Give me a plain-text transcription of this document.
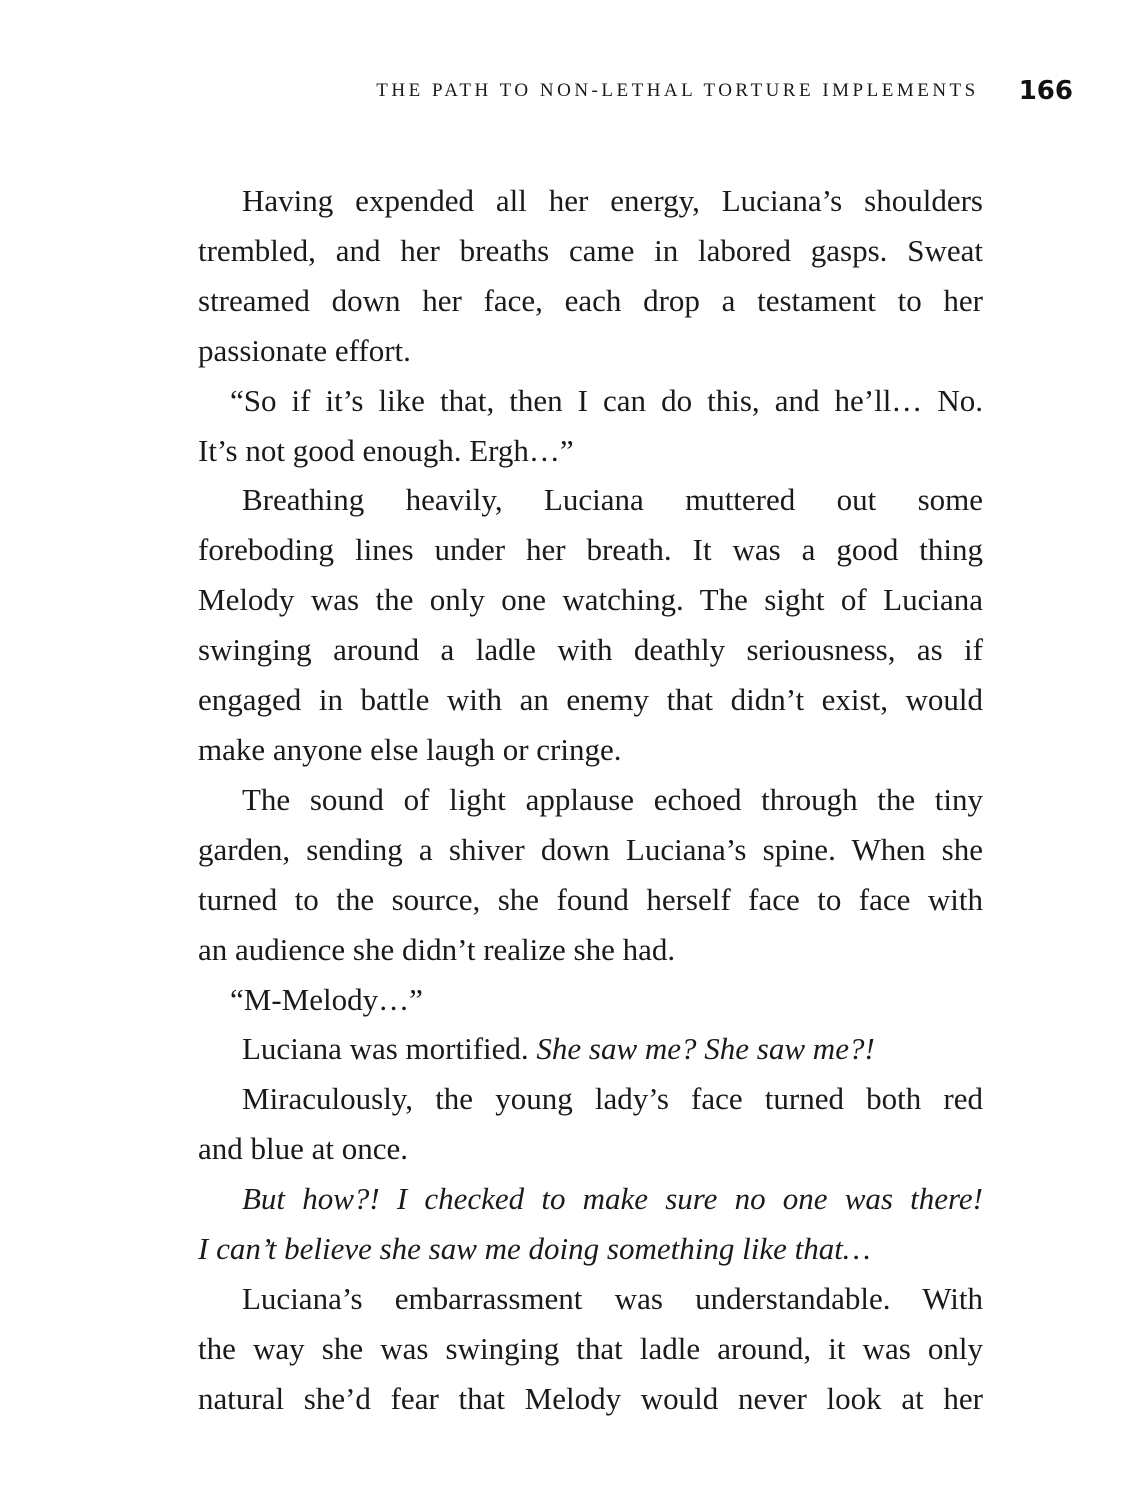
THE PATH TO NON-LETHAL TORTURE IMPLEMENTS 166
Having expended all her energy, Luciana’s shoulders
trembled, and her breaths came in labored gasps. Sweat
streamed down her face, each drop a testament to her
passionate effort.
“So if it’s like that, then I can do this, and he’ll… No.
It’s not good enough. Ergh…”
Breathing heavily, Luciana muttered out some
foreboding lines under her breath. It was a good thing
Melody was the only one watching. The sight of Luciana
swinging around a ladle with deathly seriousness, as if
engaged in battle with an enemy that didn’t exist, would
make anyone else laugh or cringe.
The sound of light applause echoed through the tiny
garden, sending a shiver down Luciana’s spine. When she
turned to the source, she found herself face to face with
an audience she didn’t realize she had.
“M-Melody…”
Luciana was mortified. She saw me? She saw me?!
Miraculously, the young lady’s face turned both red
and blue at once.
But how?! I checked to make sure no one was there!
I can’t believe she saw me doing something like that…
Luciana’s embarrassment was understandable. With
the way she was swinging that ladle around, it was only
natural she’d fear that Melody would never look at her
